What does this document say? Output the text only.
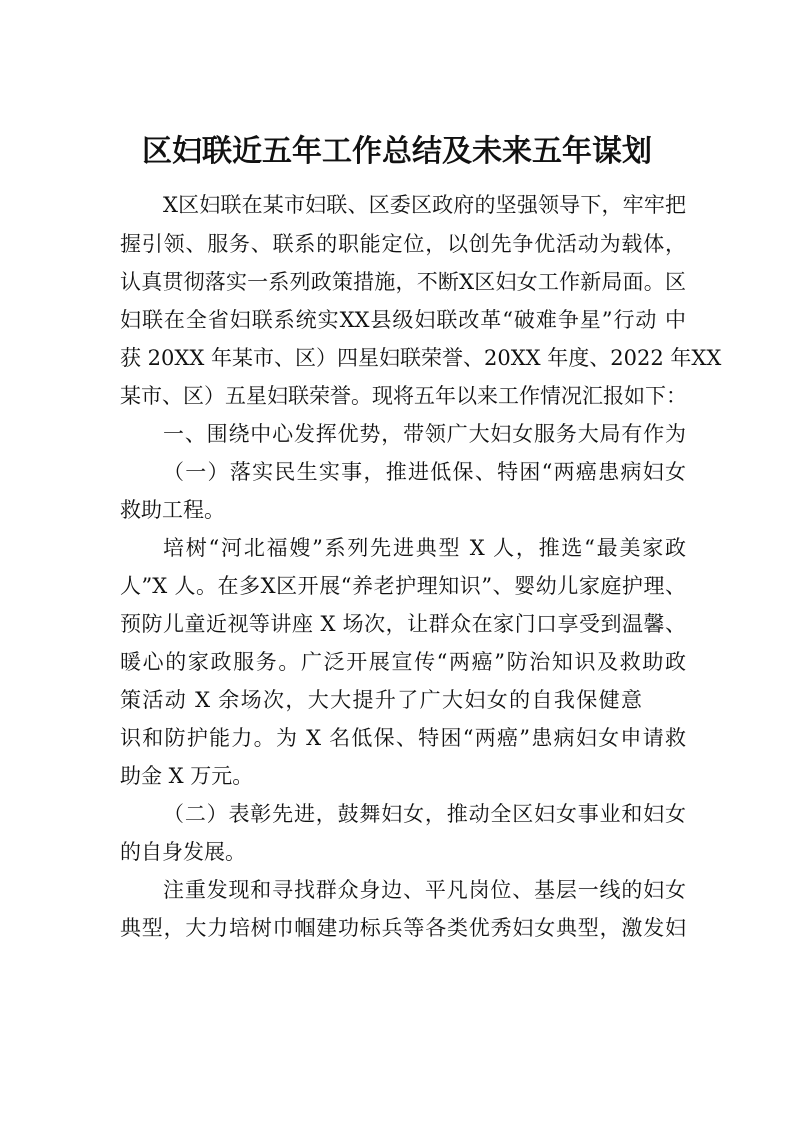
区妇联近五年工作总结及未来五年谋划
X区妇联在某市妇联、区委区政府的坚强领导下，牢牢把
握引领、服务、联系的职能定位，以创先争优活动为载体，
认真贯彻落实一系列政策措施，不断X区妇女工作新局面。区
妇联在全省妇联系统实XX县级妇联改革“破难争星”行动 中
获 20XX 年某市、区）四星妇联荣誉、20XX 年度、2022 年XX
某市、区）五星妇联荣誉。现将五年以来工作情况汇报如下：
一、围绕中心发挥优势，带领广大妇女服务大局有作为
（一）落实民生实事，推进低保、特困“两癌患病妇女
救助工程。
培树“河北福嫂”系列先进典型 X 人，推选“最美家政
人”X 人。在多X区开展“养老护理知识”、婴幼儿家庭护理、
预防儿童近视等讲座 X 场次，让群众在家门口享受到温馨、
暖心的家政服务。广泛开展宣传“两癌”防治知识及救助政
策活动 X 余场次，大大提升了广大妇女的自我保健意
识和防护能力。为 X 名低保、特困“两癌”患病妇女申请救
助金 X 万元。
（二）表彰先进，鼓舞妇女，推动全区妇女事业和妇女
的自身发展。
注重发现和寻找群众身边、平凡岗位、基层一线的妇女
典型，大力培树巾帼建功标兵等各类优秀妇女典型，激发妇
